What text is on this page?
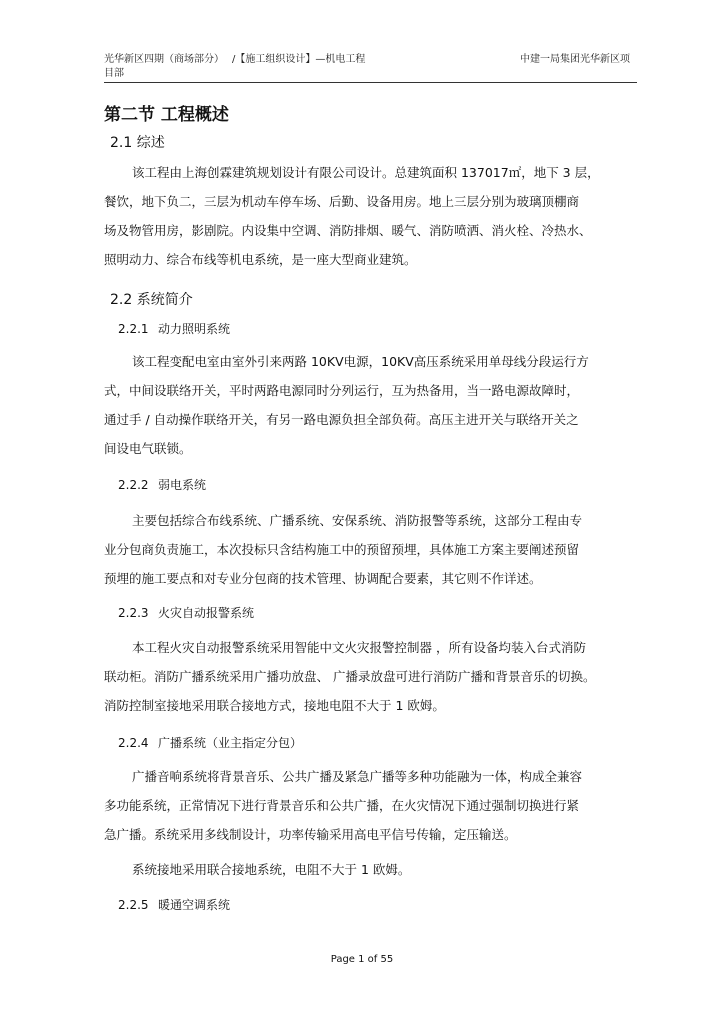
光华新区四期（商场部分） /【施工组织设计】—机电工程	中建一局集团光华新区项
目部
第二节 工程概述
2.1 综述
该工程由上海创霖建筑规划设计有限公司设计。总建筑面积 137017㎡，地下 3 层，
餐饮，地下负二，三层为机动车停车场、后勤、设备用房。地上三层分别为玻璃顶棚商
场及物管用房，影剧院。内设集中空调、消防排烟、暖气、消防喷洒、消火栓、冷热水、
照明动力、综合布线等机电系统，是一座大型商业建筑。
2.2 系统简介
2.2.1 动力照明系统
该工程变配电室由室外引来两路 10KV电源，10KV高压系统采用单母线分段运行方
式，中间设联络开关，平时两路电源同时分列运行，互为热备用，当一路电源故障时，
通过手 / 自动操作联络开关，有另一路电源负担全部负荷。高压主进开关与联络开关之
间设电气联锁。
2.2.2 弱电系统
主要包括综合布线系统、广播系统、安保系统、消防报警等系统，这部分工程由专
业分包商负责施工，本次投标只含结构施工中的预留预埋，具体施工方案主要阐述预留
预埋的施工要点和对专业分包商的技术管理、协调配合要素，其它则不作详述。
2.2.3 火灾自动报警系统
本工程火灾自动报警系统采用智能中文火灾报警控制器 ，所有设备均装入台式消防
联动柜。消防广播系统采用广播功放盘、 广播录放盘可进行消防广播和背景音乐的切换。
消防控制室接地采用联合接地方式，接地电阻不大于 1 欧姆。
2.2.4 广播系统（业主指定分包）
广播音响系统将背景音乐、公共广播及紧急广播等多种功能融为一体，构成全兼容
多功能系统，正常情况下进行背景音乐和公共广播，在火灾情况下通过强制切换进行紧
急广播。系统采用多线制设计，功率传输采用高电平信号传输，定压输送。
系统接地采用联合接地系统，电阻不大于 1 欧姆。
2.2.5 暖通空调系统
Page 1 of 55
